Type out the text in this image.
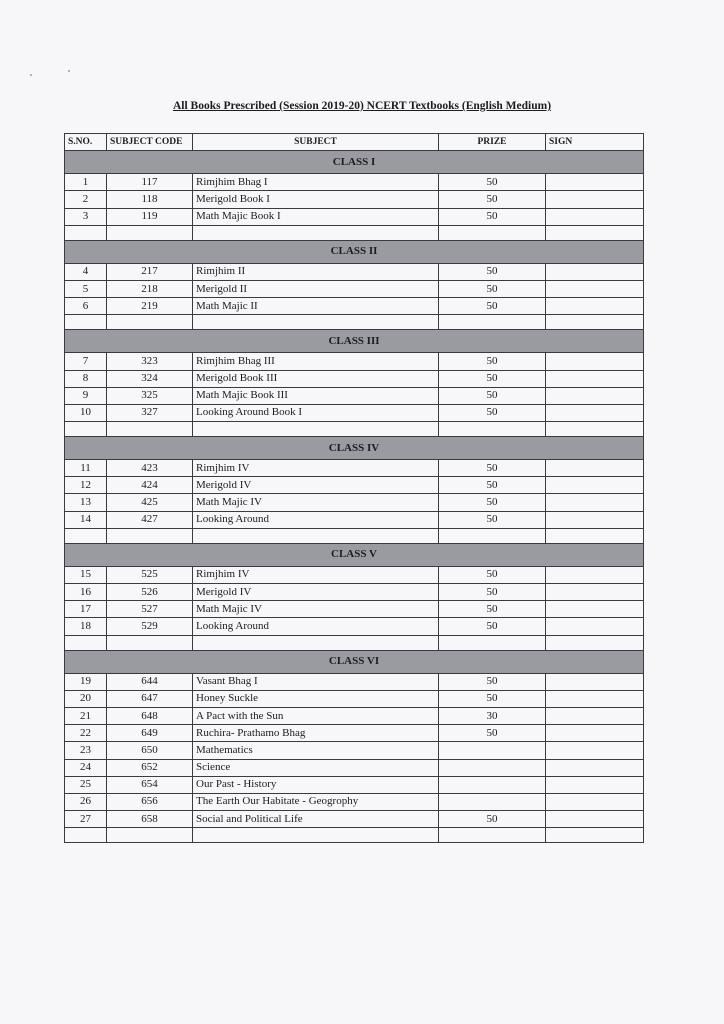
All Books Prescribed (Session 2019-20) NCERT Textbooks (English Medium)
S.NO.	SUBJECT CODE	SUBJECT	PRIZE	SIGN
CLASS I				
1	117	Rimjhim Bhag I	50	
2	118	Merigold Book I	50	
3	119	Math Majic Book I	50	

CLASS II				
4	217	Rimjhim II	50	
5	218	Merigold II	50	
6	219	Math Majic II	50	

CLASS III				
7	323	Rimjhim Bhag III	50	
8	324	Merigold Book III	50	
9	325	Math Majic Book III	50	
10	327	Looking Around Book I	50	

CLASS IV				
11	423	Rimjhim IV	50	
12	424	Merigold IV	50	
13	425	Math Majic IV	50	
14	427	Looking Around	50	

CLASS V				
15	525	Rimjhim IV	50	
16	526	Merigold IV	50	
17	527	Math Majic IV	50	
18	529	Looking Around	50	

CLASS VI				
19	644	Vasant Bhag I	50	
20	647	Honey Suckle	50	
21	648	A Pact with the Sun	30	
22	649	Ruchira- Prathamo Bhag	50	
23	650	Mathematics		
24	652	Science		
25	654	Our Past - History		
26	656	The Earth Our Habitate - Geogrophy		
27	658	Social and Political Life	50	
